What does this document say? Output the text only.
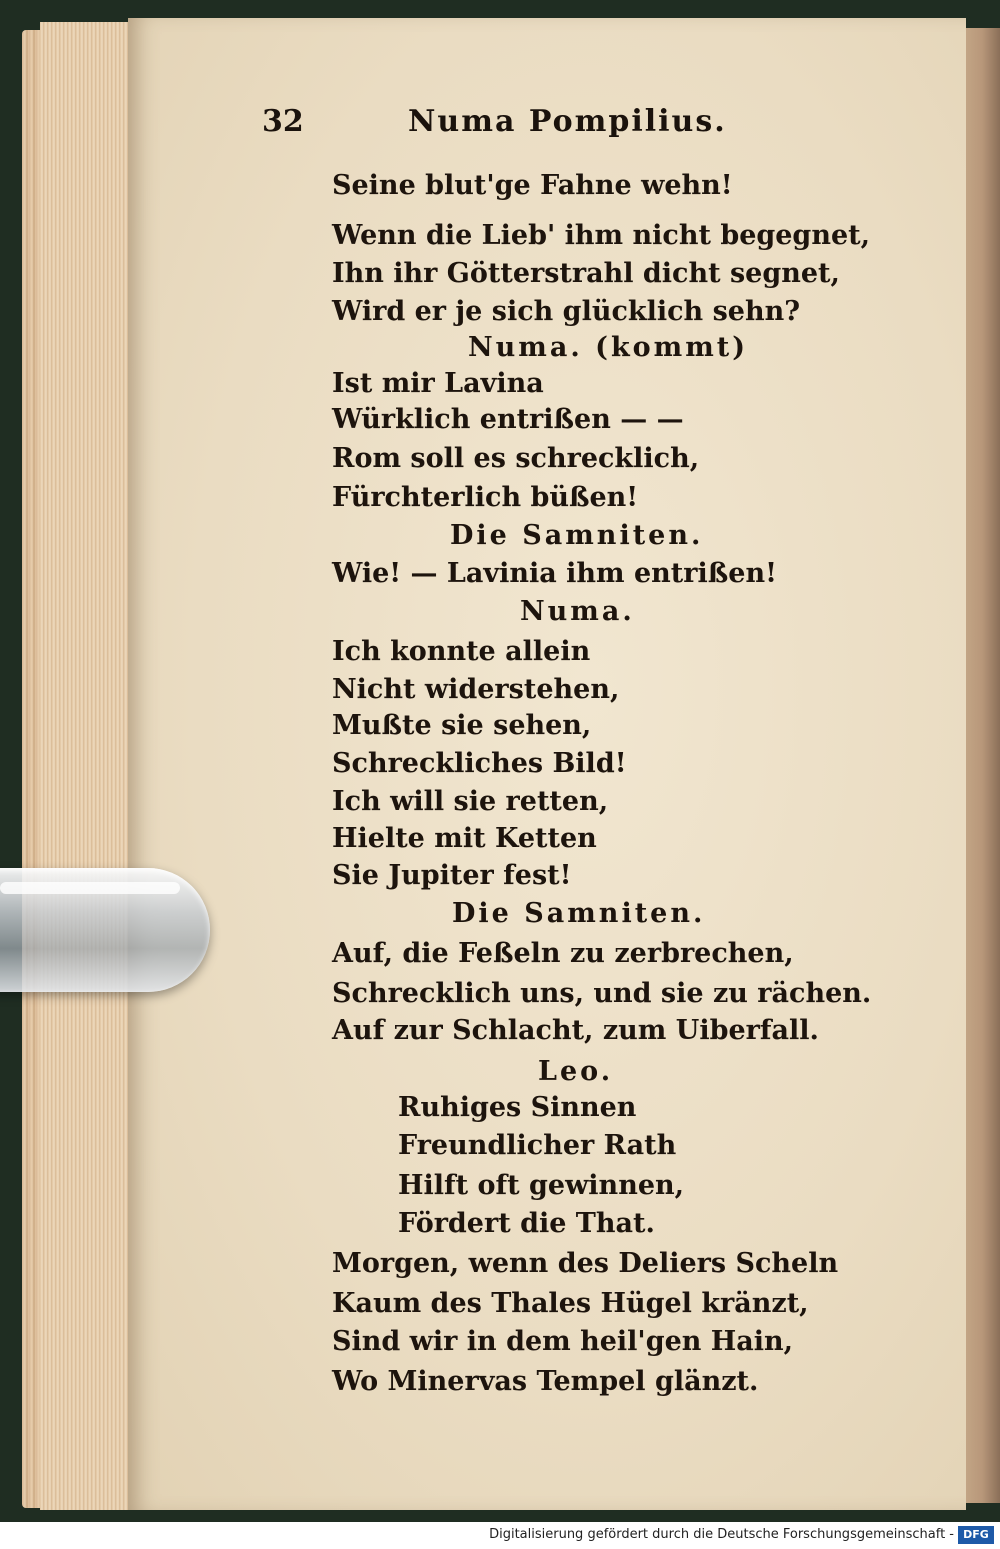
32	Numa Pompilius.
Seine blut'ge Fahne wehn!
Wenn die Lieb' ihm nicht begegnet,
Ihn ihr Götterstrahl dicht segnet,
Wird er je sich glücklich sehn?
Numa. (kommt)
Ist mir Lavina
Würklich entrißen — —
Rom soll es schrecklich,
Fürchterlich büßen!
Die Samniten.
Wie! — Lavinia ihm entrißen!
Numa.
Ich konnte allein
Nicht widerstehen,
Mußte sie sehen,
Schreckliches Bild!
Ich will sie retten,
Hielte mit Ketten
Sie Jupiter fest!
Die Samniten.
Auf, die Feßeln zu zerbrechen,
Schrecklich uns, und sie zu rächen.
Auf zur Schlacht, zum Uiberfall.
Leo.
Ruhiges Sinnen
Freundlicher Rath
Hilft oft gewinnen,
Fördert die That.
Morgen, wenn des Deliers Scheln
Kaum des Thales Hügel kränzt,
Sind wir in dem heil'gen Hain,
Wo Minervas Tempel glänzt.
Digitalisierung gefördert durch die Deutsche Forschungsgemeinschaft - DFG
